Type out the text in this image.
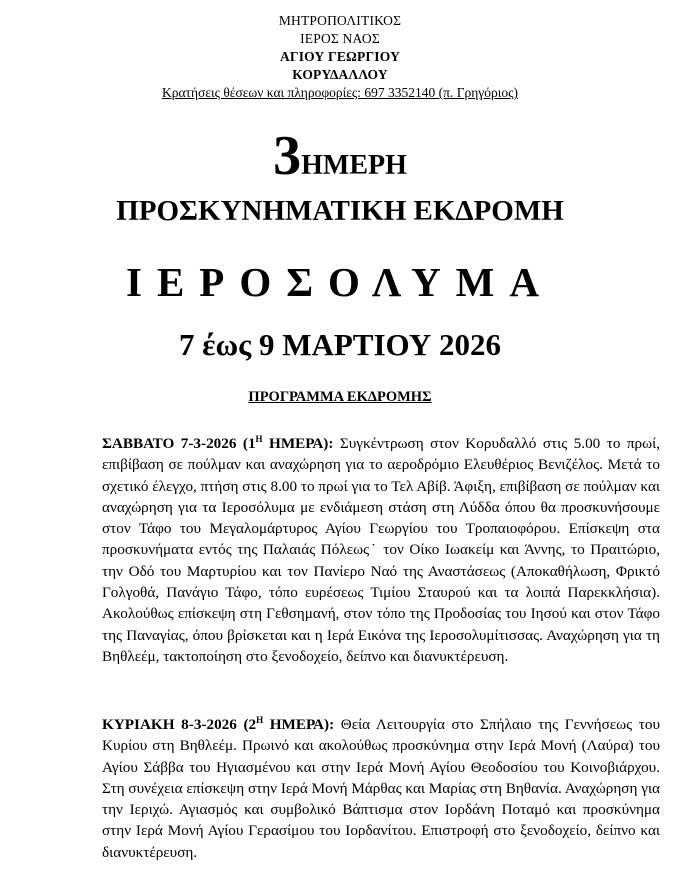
ΜΗΤΡΟΠΟΛΙΤΙΚΟΣ
ΙΕΡΟΣ ΝΑΟΣ
ΑΓΙΟΥ ΓΕΩΡΓΙΟΥ
ΚΟΡΥΔΑΛΛΟΥ
Κρατήσεις θέσεων και πληροφορίες: 697 3352140 (π. Γρηγόριος)
3ΗΜΕΡΗ
ΠΡΟΣΚΥΝΗΜΑΤΙΚΗ ΕΚΔΡΟΜΗ
ΙΕΡΟΣΟΛΥΜΑ
7 έως 9 ΜΑΡΤΙΟΥ 2026
ΠΡΟΓΡΑΜΜΑ ΕΚΔΡΟΜΗΣ

ΣΑΒΒΑΤΟ 7-3-2026 ($1^H$ ΗΜΕΡΑ): Συγκέντρωση στον Κορυδαλλό στις 5.00 το πρωί, επιβίβαση σε πούλμαν και αναχώρηση για το αεροδρόμιο Ελευθέριος Βενιζέλος. Μετά το σχετικό έλεγχο, πτήση στις 8.00 το πρωί για το Τελ Αβίβ. Άφιξη, επιβίβαση σε πούλμαν και αναχώρηση για τα Ιεροσόλυμα με ενδιάμεση στάση στη Λύδδα όπου θα προσκυνήσουμε στον Τάφο του Μεγαλομάρτυρος Αγίου Γεωργίου του Τροπαιοφόρου. Επίσκεψη στα προσκυνήματα εντός της Παλαιάς Πόλεως˙ τον Οίκο Ιωακείμ και Άννης, το Πραιτώριο, την Οδό του Μαρτυρίου και τον Πανίερο Ναό της Αναστάσεως (Αποκαθήλωση, Φρικτό Γολγοθά, Πανάγιο Τάφο, τόπο ευρέσεως Τιμίου Σταυρού και τα λοιπά Παρεκκλήσια). Ακολούθως επίσκεψη στη Γεθσημανή, στον τόπο της Προδοσίας του Ιησού και στον Τάφο της Παναγίας, όπου βρίσκεται και η Ιερά Εικόνα της Ιεροσολυμίτισσας. Αναχώρηση για τη Βηθλεέμ, τακτοποίηση στο ξενοδοχείο, δείπνο και διανυκτέρευση.

ΚΥΡΙΑΚΗ 8-3-2026 ($2^H$ ΗΜΕΡΑ): Θεία Λειτουργία στο Σπήλαιο της Γεννήσεως του Κυρίου στη Βηθλεέμ. Πρωινό και ακολούθως προσκύνημα στην Ιερά Μονή (Λαύρα) του Αγίου Σάββα του Ηγιασμένου και στην Ιερά Μονή Αγίου Θεοδοσίου του Κοινοβιάρχου. Στη συνέχεια επίσκεψη στην Ιερά Μονή Μάρθας και Μαρίας στη Βηθανία. Αναχώρηση για την Ιεριχώ. Αγιασμός και συμβολικό Βάπτισμα στον Ιορδάνη Ποταμό και προσκύνημα στην Ιερά Μονή Αγίου Γερασίμου του Ιορδανίτου. Επιστροφή στο ξενοδοχείο, δείπνο και διανυκτέρευση.
